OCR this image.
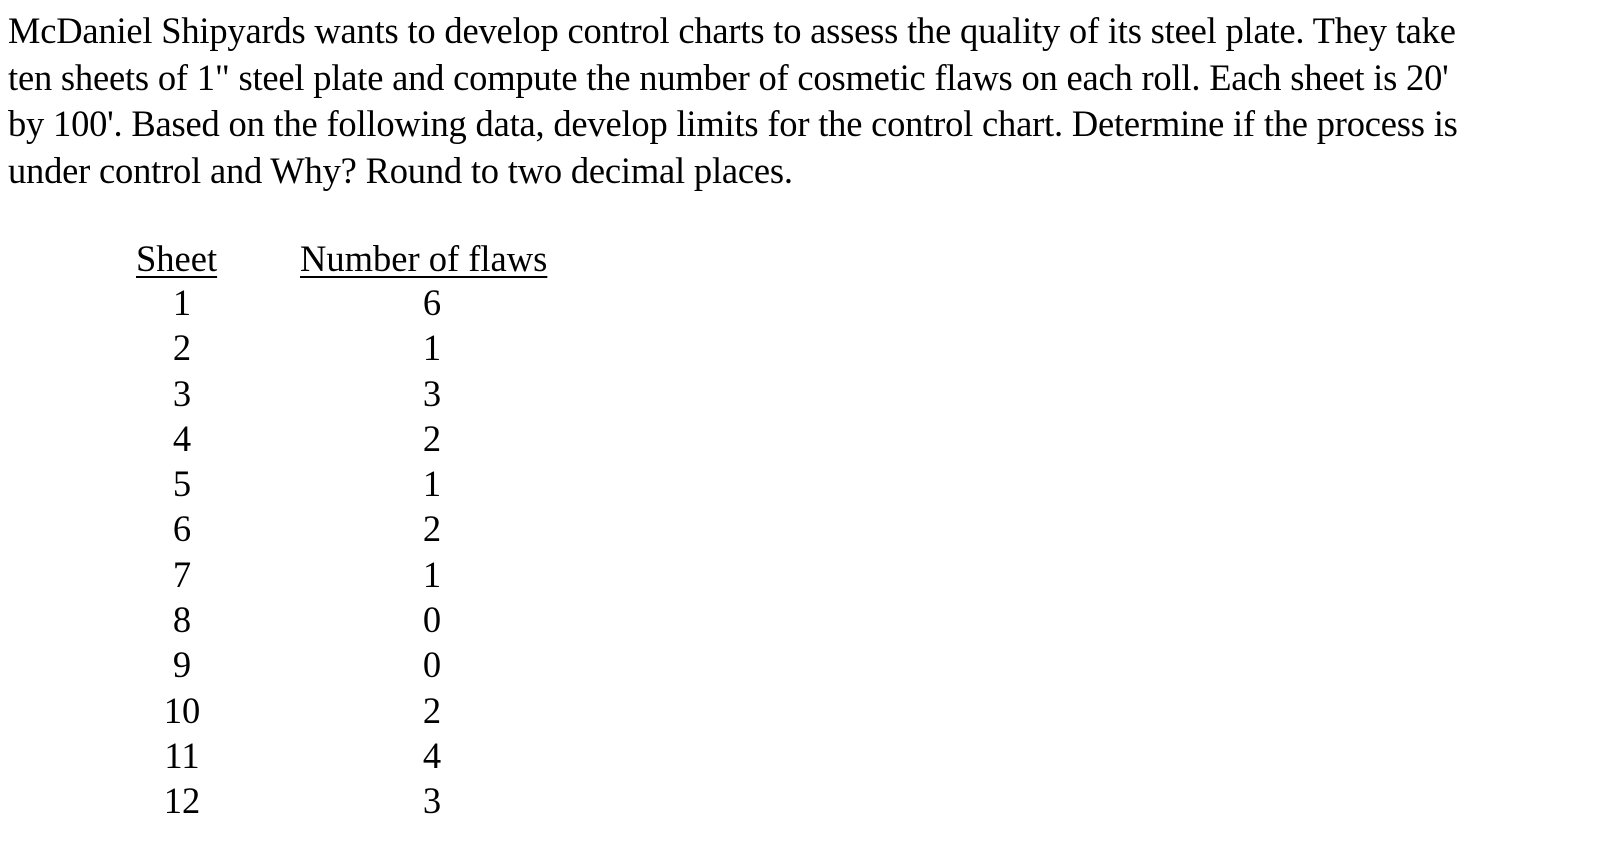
McDaniel Shipyards wants to develop control charts to assess the quality of its steel plate. They take
ten sheets of 1" steel plate and compute the number of cosmetic flaws on each roll. Each sheet is 20'
by 100'. Based on the following data, develop limits for the control chart. Determine if the process is
under control and Why? Round to two decimal places.
Sheet
1
2
3
4
5
6
7
8
9
10
11
12
Number of flaws
6
1
3
2
1
2
1
0
0
2
4
3
